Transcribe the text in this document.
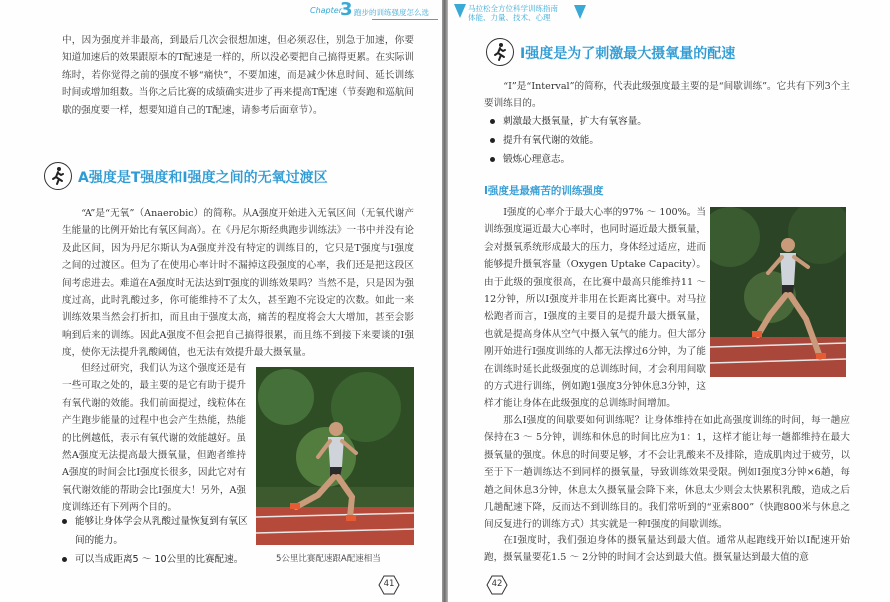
Chapter
3 跑步的训练强度怎么选

中，因为强度并非最高，到最后几次会很想加速，但必须忍住，别急于加速，你要知道加速后的效果跟原本的T配速是一样的，所以没必要把自己搞得更累。在实际训练时，若你觉得之前的强度不够“痛快”，不要加速，而是减少休息时间、延长训练时间或增加组数。当你之后比赛的成绩确实进步了再来提高T配速（节奏跑和巡航间歇的强度要一样，想要知道自己的T配速，请参考后面章节）。

A强度是T强度和I强度之间的无氧过渡区

“A”是“无氧”（Anaerobic）的简称。从A强度开始进入无氧区间（无氧代谢产生能量的比例开始比有氧区间高）。在《丹尼尔斯经典跑步训练法》一书中并没有论及此区间，因为丹尼尔斯认为A强度并没有特定的训练目的，它只是T强度与I强度之间的过渡区。但为了在使用心率计时不漏掉这段强度的心率，我们还是把这段区间考虑进去。难道在A强度时无法达到T强度的训练效果吗？当然不是，只是因为强度过高，此时乳酸过多，你可能维持不了太久，甚至跑不完设定的次数。如此一来训练效果当然会打折扣，而且由于强度太高，痛苦的程度将会大大增加，甚至会影响到后来的训练。因此A强度不但会把自己搞得很累，而且练不到接下来要谈的I强度，使你无法提升乳酸阈值，也无法有效提升最大摄氧量。

但经过研究，我们认为这个强度还是有一些可取之处的，最主要的是它有助于提升有氧代谢的效能。我们前面提过，线粒体在产生跑步能量的过程中也会产生热能，热能的比例越低，表示有氧代谢的效能越好。虽然A强度无法提高最大摄氧量，但跑者维持A强度的时间会比I强度长很多，因此它对有氧代谢效能的帮助会比I强度大！另外，A强度训练还有下列两个目的。

能够让身体学会从乳酸过量恢复到有氧区间的能力。
可以当成距离5 ～ 10公里的比赛配速。	5公里比赛配速跟A配速相当
41
马拉松全方位科学训练指南
体能、力量、技术、心理
I强度是为了刺激最大摄氧量的配速

“I”是“Interval”的简称，代表此级强度最主要的是“间歇训练”。它共有下列3个主要训练目的。

刺激最大摄氧量，扩大有氧容量。
提升有氧代谢的效能。
锻炼心理意志。
I强度是最痛苦的训练强度

I强度的心率介于最大心率的97% ～ 100%。当训练强度逼近最大心率时，也同时逼近最大摄氧量，会对摄氧系统形成最大的压力，身体经过适应，进而能够提升摄氧容量（Oxygen Uptake Capacity）。由于此级的强度很高，在比赛中最高只能维持11 ～ 12分钟，所以I强度并非用在长距离比赛中。对马拉松跑者而言，I强度的主要目的是提升最大摄氧量，也就是提高身体从空气中摄入氧气的能力。但大部分刚开始进行I强度训练的人都无法撑过6分钟，为了能在训练时延长此级强度的总训练时间，才会利用间歇的方式进行训练，例如跑1强度3分钟休息3分钟，这样才能让身体在此级强度的总训练时间增加。

那么I强度的间歇要如何训练呢？让身体维持在如此高强度训练的时间，每一趟应保持在3 ～ 5分钟，训练和休息的时间比应为1：1，这样才能让每一趟都维持在最大摄氧量的强度。休息的时间要足够，才不会让乳酸来不及排除，造成肌肉过于疲劳，以至于下一趟训练达不到同样的摄氧量，导致训练效果受限。例如I强度3分钟×6趟，每趟之间休息3分钟，休息太久摄氧量会降下来，休息太少则会太快累积乳酸，造成之后几趟配速下降，反而达不到训练目的。我们常听到的“亚索800”（快跑800米与休息之间反复进行的训练方式）其实就是一种I强度的间歇训练。

在I强度时，我们强迫身体的摄氧量达到最大值。通常从起跑线开始以I配速开始跑，摄氧量要花1.5 ～ 2分钟的时间才会达到最大值。摄氧量达到最大值的意

42
